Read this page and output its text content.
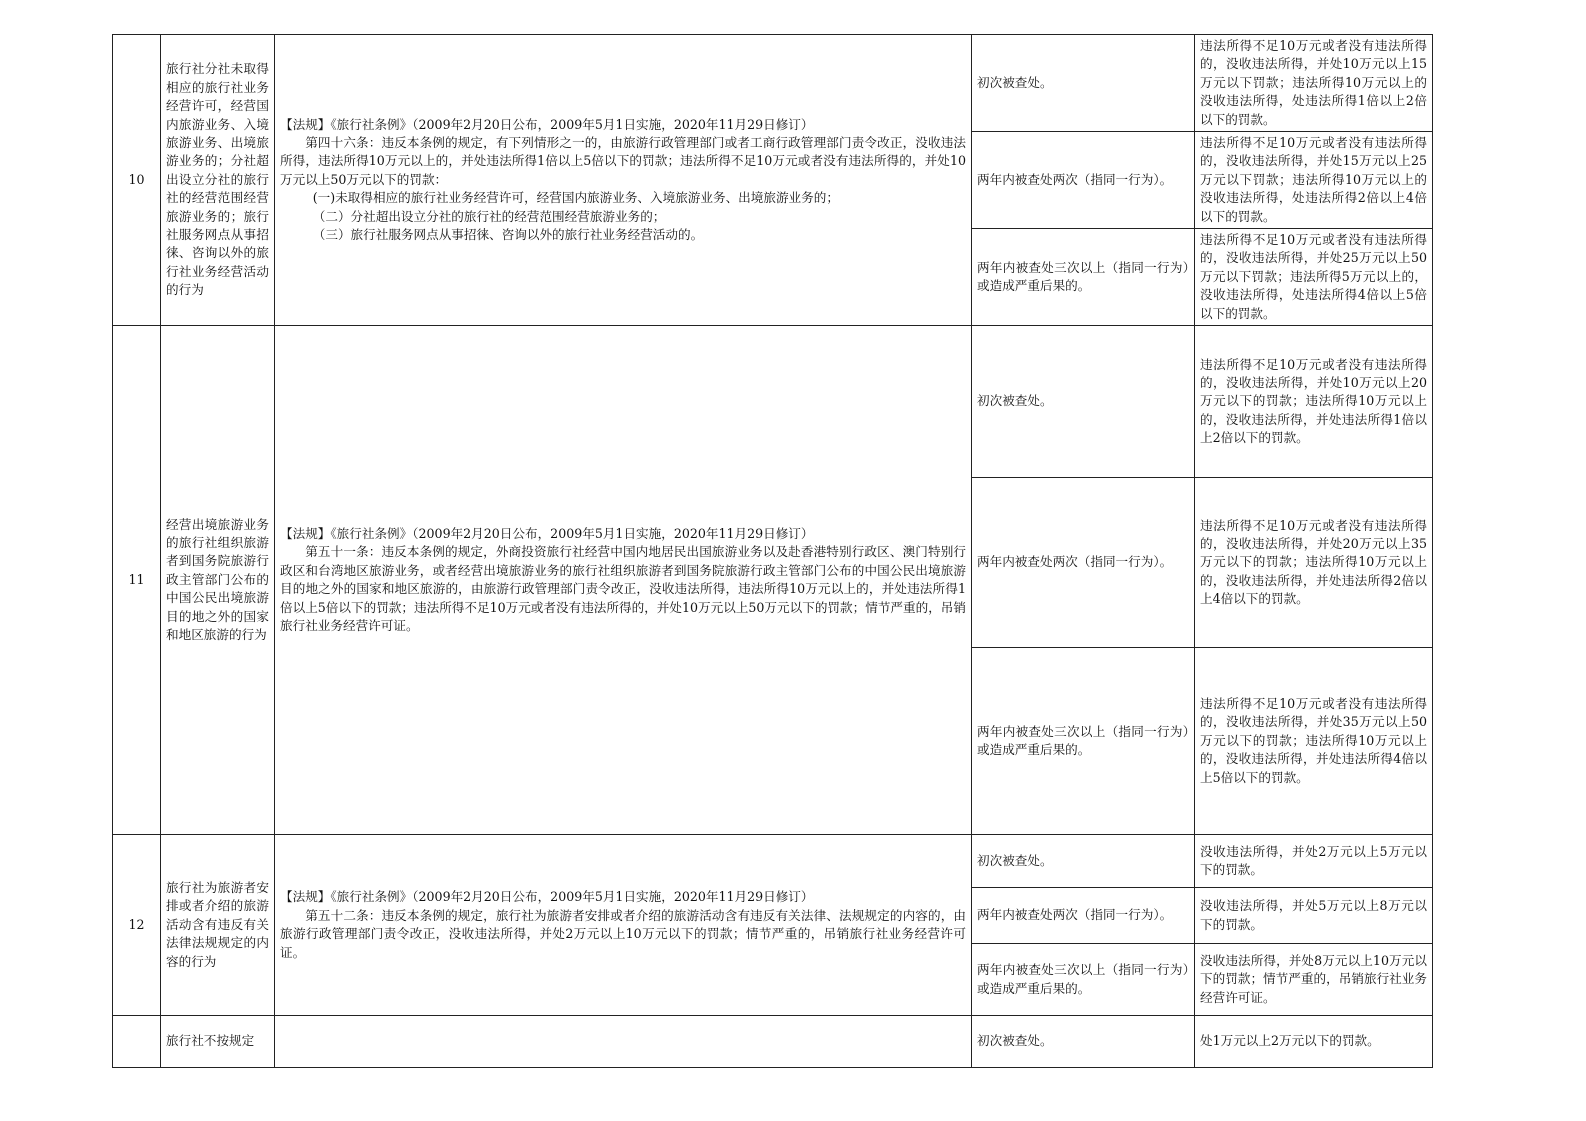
10	旅行社分社未取得相应的旅行社业务经营许可，经营国内旅游业务、入境旅游业务、出境旅游业务的；分社超出设立分社的旅行社的经营范围经营旅游业务的；旅行社服务网点从事招徕、咨询以外的旅行社业务经营活动的行为	【法规】《旅行社条例》（2009年2月20日公布，2009年5月1日实施，2020年11月29日修订）

第四十六条：违反本条例的规定，有下列情形之一的，由旅游行政管理部门或者工商行政管理部门责令改正，没收违法所得，违法所得10万元以上的，并处违法所得1倍以上5倍以下的罚款；违法所得不足10万元或者没有违法所得的，并处10万元以上50万元以下的罚款：

(一)未取得相应的旅行社业务经营许可，经营国内旅游业务、入境旅游业务、出境旅游业务的；

（二）分社超出设立分社的旅行社的经营范围经营旅游业务的；

（三）旅行社服务网点从事招徕、咨询以外的旅行社业务经营活动的。	初次被查处。	违法所得不足10万元或者没有违法所得的，没收违法所得，并处10万元以上15万元以下罚款；违法所得10万元以上的没收违法所得，处违法所得1倍以上2倍以下的罚款。
			两年内被查处两次（指同一行为）。	违法所得不足10万元或者没有违法所得的，没收违法所得，并处15万元以上25万元以下罚款；违法所得10万元以上的没收违法所得，处违法所得2倍以上4倍以下的罚款。
			两年内被查处三次以上（指同一行为）或造成严重后果的。	违法所得不足10万元或者没有违法所得的，没收违法所得，并处25万元以上50万元以下罚款；违法所得5万元以上的，没收违法所得，处违法所得4倍以上5倍以下的罚款。
11	经营出境旅游业务的旅行社组织旅游者到国务院旅游行政主管部门公布的中国公民出境旅游目的地之外的国家和地区旅游的行为	【法规】《旅行社条例》（2009年2月20日公布，2009年5月1日实施，2020年11月29日修订）

第五十一条：违反本条例的规定，外商投资旅行社经营中国内地居民出国旅游业务以及赴香港特别行政区、澳门特别行政区和台湾地区旅游业务，或者经营出境旅游业务的旅行社组织旅游者到国务院旅游行政主管部门公布的中国公民出境旅游目的地之外的国家和地区旅游的，由旅游行政管理部门责令改正，没收违法所得，违法所得10万元以上的，并处违法所得1倍以上5倍以下的罚款；违法所得不足10万元或者没有违法所得的，并处10万元以上50万元以下的罚款；情节严重的，吊销旅行社业务经营许可证。	初次被查处。	违法所得不足10万元或者没有违法所得的，没收违法所得，并处10万元以上20万元以下的罚款；违法所得10万元以上的，没收违法所得，并处违法所得1倍以上2倍以下的罚款。
			两年内被查处两次（指同一行为）。	违法所得不足10万元或者没有违法所得的，没收违法所得，并处20万元以上35万元以下的罚款；违法所得10万元以上的，没收违法所得，并处违法所得2倍以上4倍以下的罚款。
			两年内被查处三次以上（指同一行为）或造成严重后果的。	违法所得不足10万元或者没有违法所得的，没收违法所得，并处35万元以上50万元以下的罚款；违法所得10万元以上的，没收违法所得，并处违法所得4倍以上5倍以下的罚款。
12	旅行社为旅游者安排或者介绍的旅游活动含有违反有关法律法规规定的内容的行为	【法规】《旅行社条例》（2009年2月20日公布，2009年5月1日实施，2020年11月29日修订）

第五十二条：违反本条例的规定，旅行社为旅游者安排或者介绍的旅游活动含有违反有关法律、法规规定的内容的，由旅游行政管理部门责令改正，没收违法所得，并处2万元以上10万元以下的罚款；情节严重的，吊销旅行社业务经营许可证。	初次被查处。	没收违法所得，并处2万元以上5万元以下的罚款。
			两年内被查处两次（指同一行为）。	没收违法所得，并处5万元以上8万元以下的罚款。
			两年内被查处三次以上（指同一行为）或造成严重后果的。	没收违法所得，并处8万元以上10万元以下的罚款；情节严重的，吊销旅行社业务经营许可证。
	旅行社不按规定		初次被查处。	处1万元以上2万元以下的罚款。
